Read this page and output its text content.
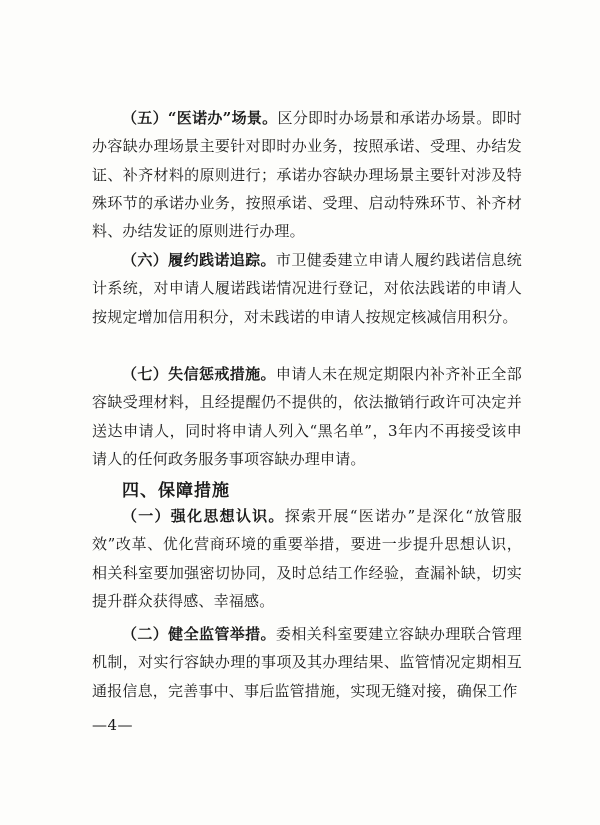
（五）“医诺办”场景。区分即时办场景和承诺办场景。即时办容缺办理场景主要针对即时办业务，按照承诺、受理、办结发证、补齐材料的原则进行；承诺办容缺办理场景主要针对涉及特殊环节的承诺办业务，按照承诺、受理、启动特殊环节、补齐材料、办结发证的原则进行办理。

（六）履约践诺追踪。市卫健委建立申请人履约践诺信息统计系统，对申请人履诺践诺情况进行登记，对依法践诺的申请人按规定增加信用积分，对未践诺的申请人按规定核减信用积分。

（七）失信惩戒措施。申请人未在规定期限内补齐补正全部容缺受理材料，且经提醒仍不提供的，依法撤销行政许可决定并送达申请人，同时将申请人列入“黑名单”，3年内不再接受该申请人的任何政务服务事项容缺办理申请。

四、保障措施

（一）强化思想认识。探索开展“医诺办”是深化“放管服效”改革、优化营商环境的重要举措，要进一步提升思想认识，相关科室要加强密切协同，及时总结工作经验，查漏补缺，切实提升群众获得感、幸福感。

（二）健全监管举措。委相关科室要建立容缺办理联合管理机制，对实行容缺办理的事项及其办理结果、监管情况定期相互通报信息，完善事中、事后监管措施，实现无缝对接，确保工作

—4—
